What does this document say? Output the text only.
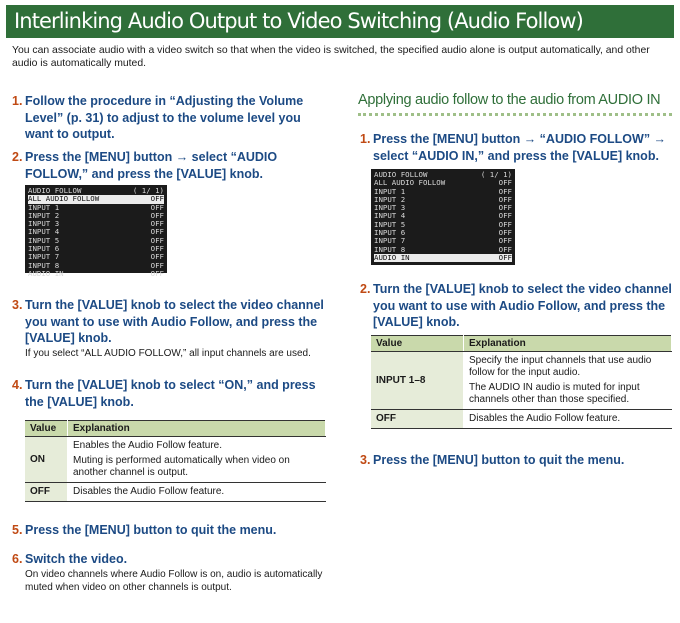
Interlinking Audio Output to Video Switching (Audio Follow)

You can associate audio with a video switch so that when the video is switched, the specified audio alone is output automatically, and other audio is automatically muted.

1. Follow the procedure in “Adjusting the Volume Level” (p. 31) to adjust to the volume level you want to output.
2. Press the [MENU] button → select “AUDIO FOLLOW,” and press the [VALUE] knob.
AUDIO FOLLOW	( 1/ 1)
ALL AUDIO FOLLOW	OFF
INPUT 1	OFF
INPUT 2	OFF
INPUT 3	OFF
INPUT 4	OFF
INPUT 5	OFF
INPUT 6	OFF
INPUT 7	OFF
INPUT 8	OFF
AUDIO IN	OFF
3. Turn the [VALUE] knob to select the video channel you want to use with Audio Follow, and press the [VALUE] knob.
If you select “ALL AUDIO FOLLOW,” all input channels are used.
4. Turn the [VALUE] knob to select “ON,” and press the [VALUE] knob.
Value	Explanation
ON	Enables the Audio Follow feature.

Muting is performed automatically when video on another channel is output.

OFF	Disables the Audio Follow feature.

5. Press the [MENU] button to quit the menu.
6. Switch the video.
On video channels where Audio Follow is on, audio is automatically muted when video on other channels is output.
Applying audio follow to the audio from AUDIO IN
1. Press the [MENU] button → “AUDIO FOLLOW” → select “AUDIO IN,” and press the [VALUE] knob.
AUDIO FOLLOW	( 1/ 1)
ALL AUDIO FOLLOW	OFF
INPUT 1	OFF
INPUT 2	OFF
INPUT 3	OFF
INPUT 4	OFF
INPUT 5	OFF
INPUT 6	OFF
INPUT 7	OFF
INPUT 8	OFF
AUDIO IN	OFF
2. Turn the [VALUE] knob to select the video channel you want to use with Audio Follow, and press the [VALUE] knob.
Value	Explanation
INPUT 1–8	Specify the input channels that use audio follow for the input audio.

The AUDIO IN audio is muted for input channels other than those specified.

OFF	Disables the Audio Follow feature.

3. Press the [MENU] button to quit the menu.
